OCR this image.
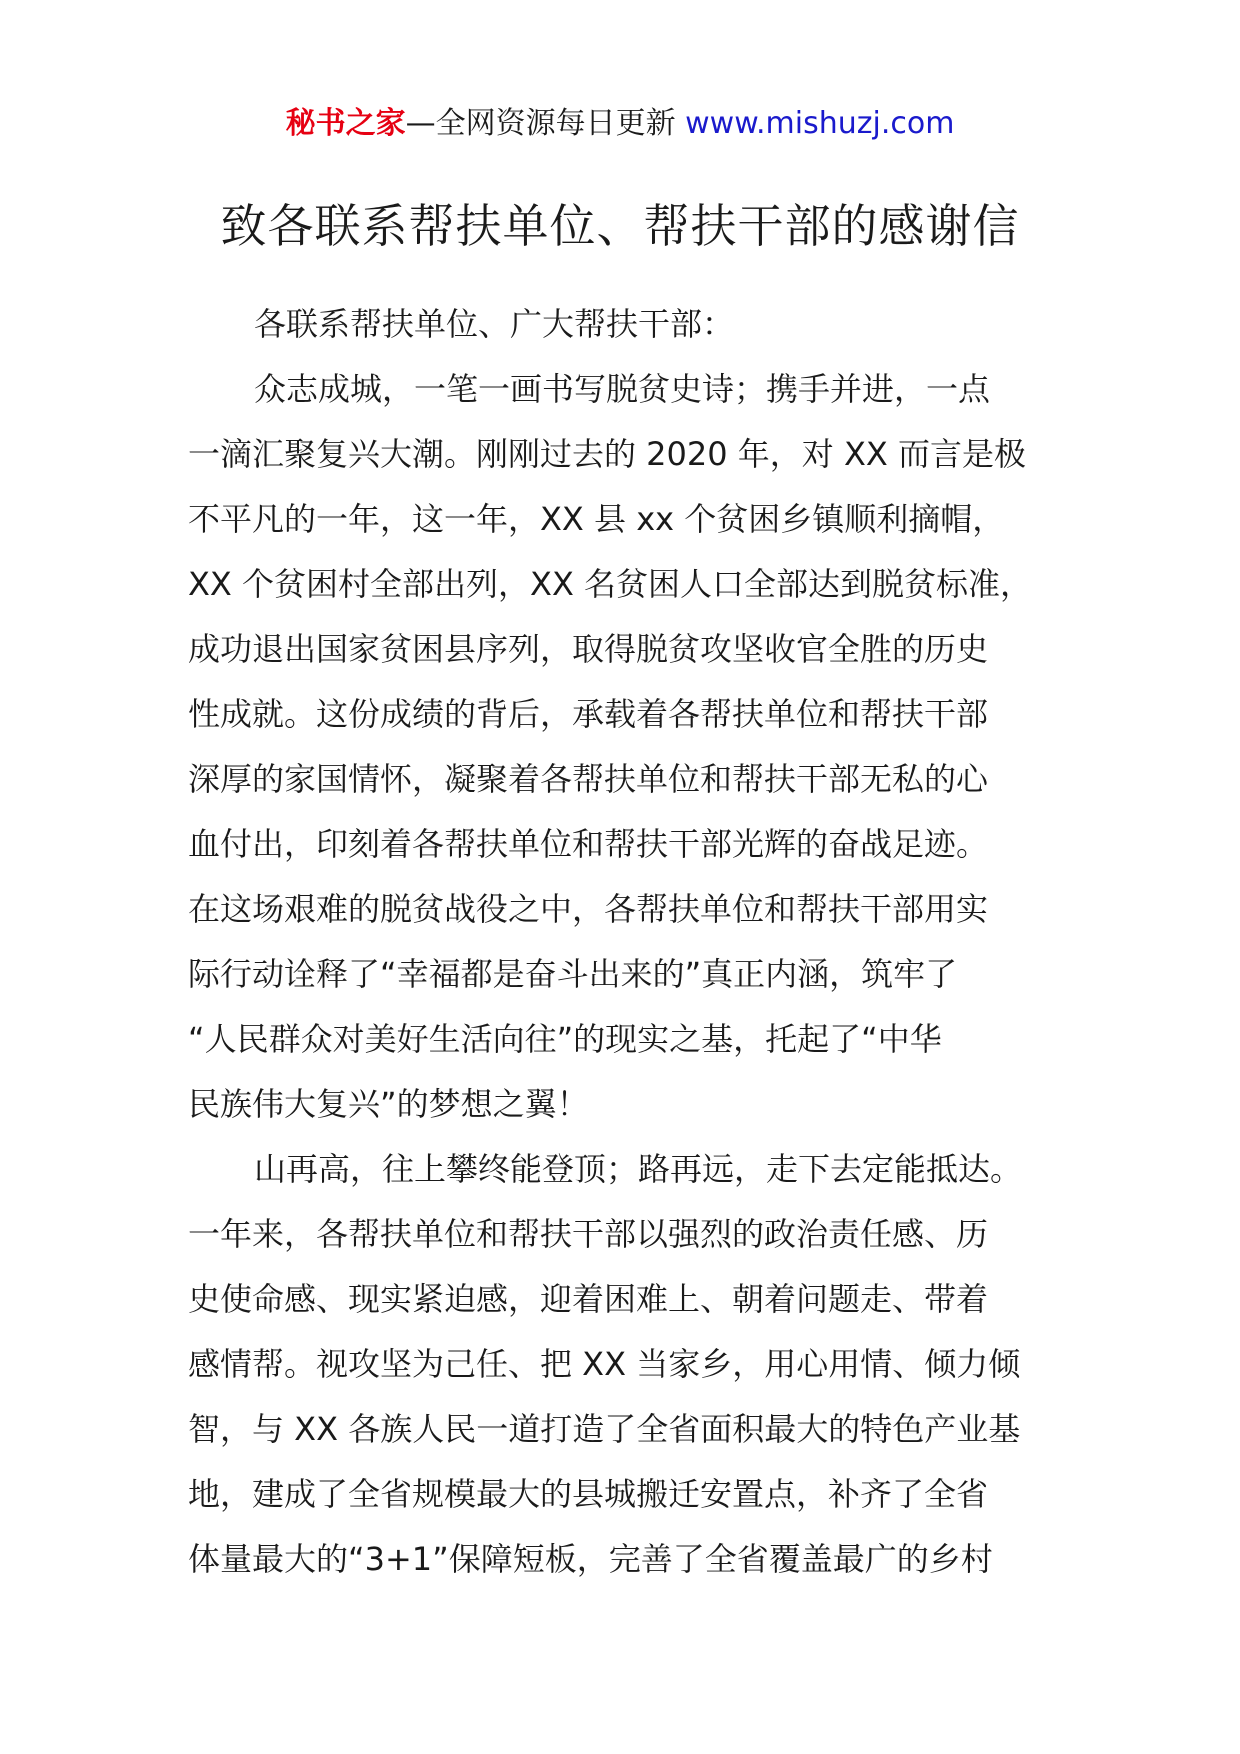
秘书之家—全网资源每日更新 www.mishuzj.com
致各联系帮扶单位、帮扶干部的感谢信
各联系帮扶单位、广大帮扶干部：
众志成城，一笔一画书写脱贫史诗；携手并进，一点
一滴汇聚复兴大潮。刚刚过去的 2020 年，对 XX 而言是极
不平凡的一年，这一年，XX 县 xx 个贫困乡镇顺利摘帽，
XX 个贫困村全部出列，XX 名贫困人口全部达到脱贫标准，
成功退出国家贫困县序列，取得脱贫攻坚收官全胜的历史
性成就。这份成绩的背后，承载着各帮扶单位和帮扶干部
深厚的家国情怀，凝聚着各帮扶单位和帮扶干部无私的心
血付出，印刻着各帮扶单位和帮扶干部光辉的奋战足迹。
在这场艰难的脱贫战役之中，各帮扶单位和帮扶干部用实
际行动诠释了“幸福都是奋斗出来的”真正内涵，筑牢了
“人民群众对美好生活向往”的现实之基，托起了“中华
民族伟大复兴”的梦想之翼！
山再高，往上攀终能登顶；路再远，走下去定能抵达。
一年来，各帮扶单位和帮扶干部以强烈的政治责任感、历
史使命感、现实紧迫感，迎着困难上、朝着问题走、带着
感情帮。视攻坚为己任、把 XX 当家乡，用心用情、倾力倾
智，与 XX 各族人民一道打造了全省面积最大的特色产业基
地，建成了全省规模最大的县城搬迁安置点，补齐了全省
体量最大的“3+1”保障短板，完善了全省覆盖最广的乡村
